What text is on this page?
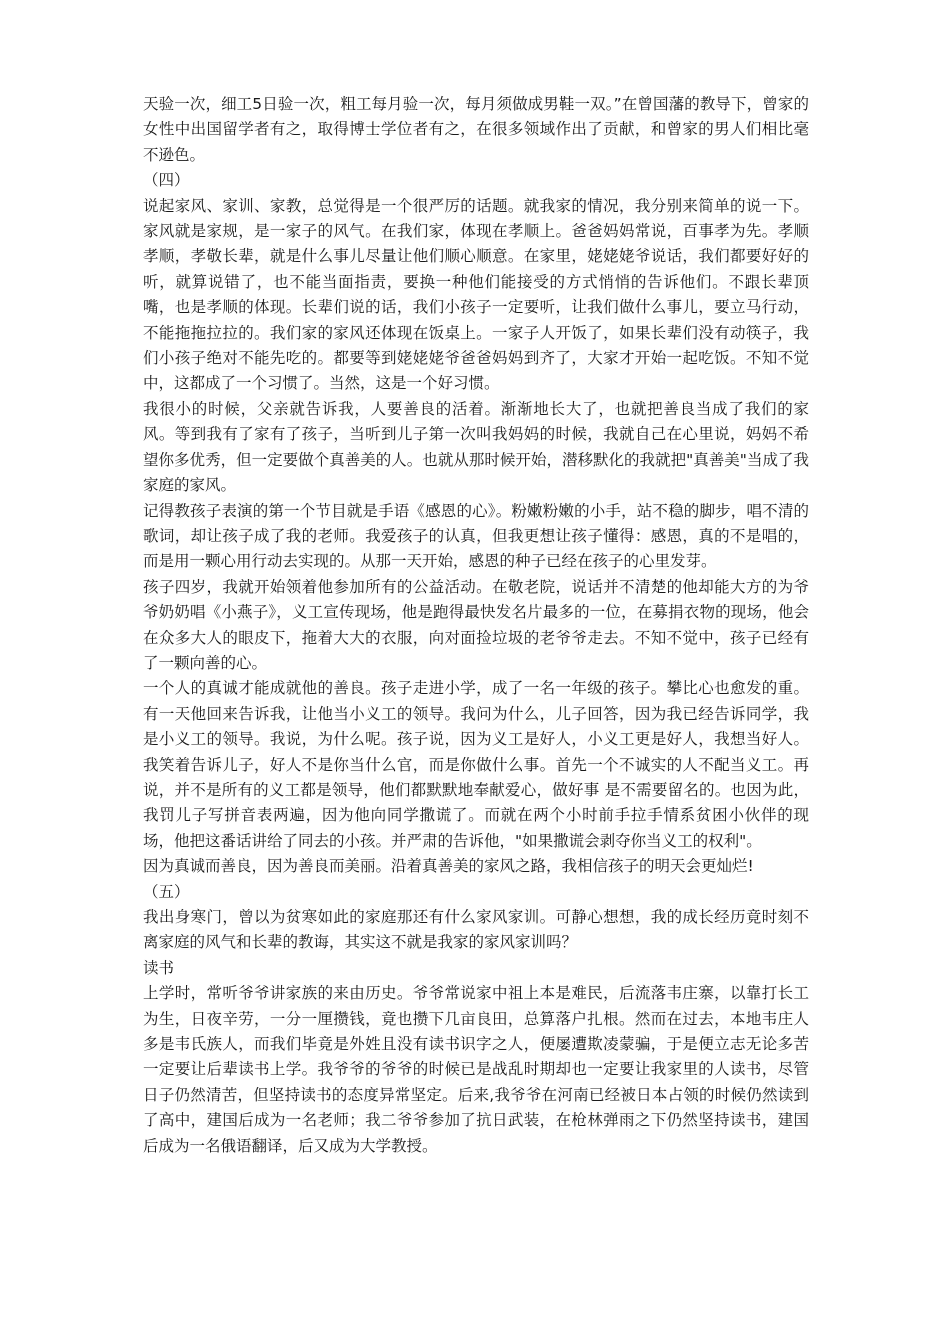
天验一次，细工5日验一次，粗工每月验一次，每月须做成男鞋一双。”在曾国藩的教导下，曾家的女性中出国留学者有之，取得博士学位者有之，在很多领域作出了贡献，和曾家的男人们相比毫不逊色。

（四）

说起家风、家训、家教，总觉得是一个很严厉的话题。就我家的情况，我分别来简单的说一下。家风就是家规，是一家子的风气。在我们家，体现在孝顺上。爸爸妈妈常说，百事孝为先。孝顺孝顺，孝敬长辈，就是什么事儿尽量让他们顺心顺意。在家里，姥姥姥爷说话，我们都要好好的听，就算说错了，也不能当面指责，要换一种他们能接受的方式悄悄的告诉他们。不跟长辈顶嘴，也是孝顺的体现。长辈们说的话，我们小孩子一定要听，让我们做什么事儿，要立马行动，不能拖拖拉拉的。我们家的家风还体现在饭桌上。一家子人开饭了，如果长辈们没有动筷子，我们小孩子绝对不能先吃的。都要等到姥姥姥爷爸爸妈妈到齐了，大家才开始一起吃饭。不知不觉中，这都成了一个习惯了。当然，这是一个好习惯。

我很小的时候，父亲就告诉我，人要善良的活着。渐渐地长大了，也就把善良当成了我们的家风。等到我有了家有了孩子，当听到儿子第一次叫我妈妈的时候，我就自己在心里说，妈妈不希望你多优秀，但一定要做个真善美的人。也就从那时候开始，潜移默化的我就把"真善美"当成了我家庭的家风。

记得教孩子表演的第一个节目就是手语《感恩的心》。粉嫩粉嫩的小手，站不稳的脚步，唱不清的歌词，却让孩子成了我的老师。我爱孩子的认真，但我更想让孩子懂得：感恩，真的不是唱的，而是用一颗心用行动去实现的。从那一天开始，感恩的种子已经在孩子的心里发芽。

孩子四岁，我就开始领着他参加所有的公益活动。在敬老院，说话并不清楚的他却能大方的为爷爷奶奶唱《小燕子》，义工宣传现场，他是跑得最快发名片最多的一位，在募捐衣物的现场，他会在众多大人的眼皮下，拖着大大的衣服，向对面捡垃圾的老爷爷走去。不知不觉中，孩子已经有了一颗向善的心。

一个人的真诚才能成就他的善良。孩子走进小学，成了一名一年级的孩子。攀比心也愈发的重。有一天他回来告诉我，让他当小义工的领导。我问为什么，儿子回答，因为我已经告诉同学，我是小义工的领导。我说，为什么呢。孩子说，因为义工是好人，小义工更是好人，我想当好人。我笑着告诉儿子，好人不是你当什么官，而是你做什么事。首先一个不诚实的人不配当义工。再说，并不是所有的义工都是领导，他们都默默地奉献爱心，做好事 是不需要留名的。也因为此，我罚儿子写拼音表两遍，因为他向同学撒谎了。而就在两个小时前手拉手情系贫困小伙伴的现场，他把这番话讲给了同去的小孩。并严肃的告诉他，"如果撒谎会剥夺你当义工的权利"。

因为真诚而善良，因为善良而美丽。沿着真善美的家风之路，我相信孩子的明天会更灿烂!

（五）

我出身寒门，曾以为贫寒如此的家庭那还有什么家风家训。可静心想想，我的成长经历竟时刻不离家庭的风气和长辈的教诲，其实这不就是我家的家风家训吗？

读书

上学时，常听爷爷讲家族的来由历史。爷爷常说家中祖上本是难民，后流落韦庄寨，以靠打长工为生，日夜辛劳，一分一厘攒钱，竟也攒下几亩良田，总算落户扎根。然而在过去，本地韦庄人多是韦氏族人，而我们毕竟是外姓且没有读书识字之人，便屡遭欺凌蒙骗，于是便立志无论多苦一定要让后辈读书上学。我爷爷的爷爷的时候已是战乱时期却也一定要让我家里的人读书，尽管日子仍然清苦，但坚持读书的态度异常坚定。后来,我爷爷在河南已经被日本占领的时候仍然读到了高中，建国后成为一名老师；我二爷爷参加了抗日武装，在枪林弹雨之下仍然坚持读书，建国后成为一名俄语翻译，后又成为大学教授。
